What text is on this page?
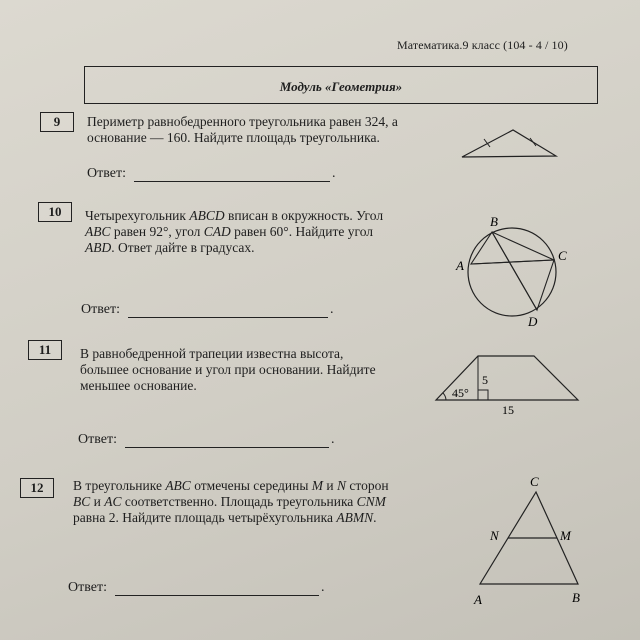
Математика.9 класс (104 - 4 / 10)
Модуль «Геометрия»
9	Периметр равнобедренного треугольника равен 324, а
основание — 160. Найдите площадь треугольника.
Ответ:	.
10	Четырехугольник ABCD вписан в окружность. Угол
ABC равен 92°, угол CAD равен 60°. Найдите угол
ABD. Ответ дайте в градусах.
Ответ:	.
B
A
C
D
11	В равнобедренной трапеции известна высота,
большее основание и угол при основании. Найдите
меньшее основание.
Ответ:	.
45°
5
15
12	В треугольнике ABC отмечены середины M и N сторон
BC и AC соответственно. Площадь треугольника CNM
равна 2. Найдите площадь четырёхугольника ABMN.
Ответ:	.
C
N	M
A	B
